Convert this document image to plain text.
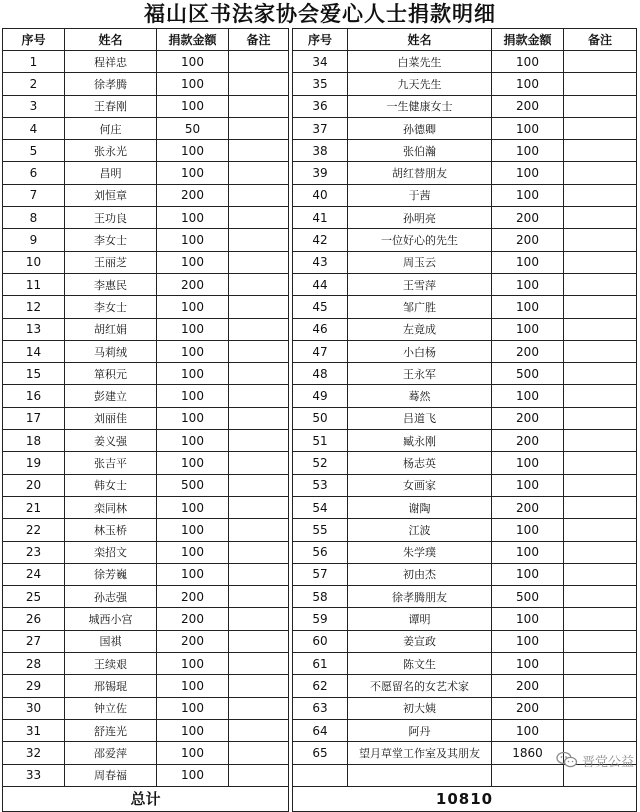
福山区书法家协会爱心人士捐款明细
序号	姓名	捐款金额	备注		序号	姓名	捐款金额	备注
1	程祥忠	100			34	白菜先生	100	
2	徐孝腾	100			35	九天先生	100	
3	王春刚	100			36	一生健康女士	200	
4	何庄	50			37	孙德卿	100	
5	张永光	100			38	张伯瀚	100	
6	昌明	100			39	胡红替朋友	100	
7	刘恒章	200			40	于茜	100	
8	王功良	100			41	孙明亮	200	
9	李女士	100			42	一位好心的先生	200	
10	王丽芝	100			43	周玉云	100	
11	李惠民	200			44	王雪萍	100	
12	李女士	100			45	邹广胜	100	
13	胡红娟	100			46	左竟成	100	
14	马莉绒	100			47	小白杨	200	
15	箪积元	100			48	王永军	500	
16	彭建立	100			49	蓦然	100	
17	刘丽佳	100			50	吕道飞	200	
18	姜义强	100			51	臧永刚	200	
19	张吉平	100			52	杨志英	100	
20	韩女士	500			53	女画家	100	
21	栾同林	100			54	谢陶	200	
22	林玉桥	100			55	江波	100	
23	栾招文	100			56	朱学璞	100	
24	徐芳巍	100			57	初由杰	100	
25	孙志强	200			58	徐孝腾朋友	500	
26	城西小宫	200			59	谭明	100	
27	国祺	200			60	姜宣政	100	
28	王续艰	100			61	陈文生	100	
29	邢锡琨	100			62	不愿留名的女艺术家	200	
30	钟立佐	100			63	初大姨	200	
31	舒连光	100			64	阿丹	100	
32	邵爱萍	100			65	望月草堂工作室及其朋友	1860	
33	周春福	100						
总计					10810			
晋党公益
